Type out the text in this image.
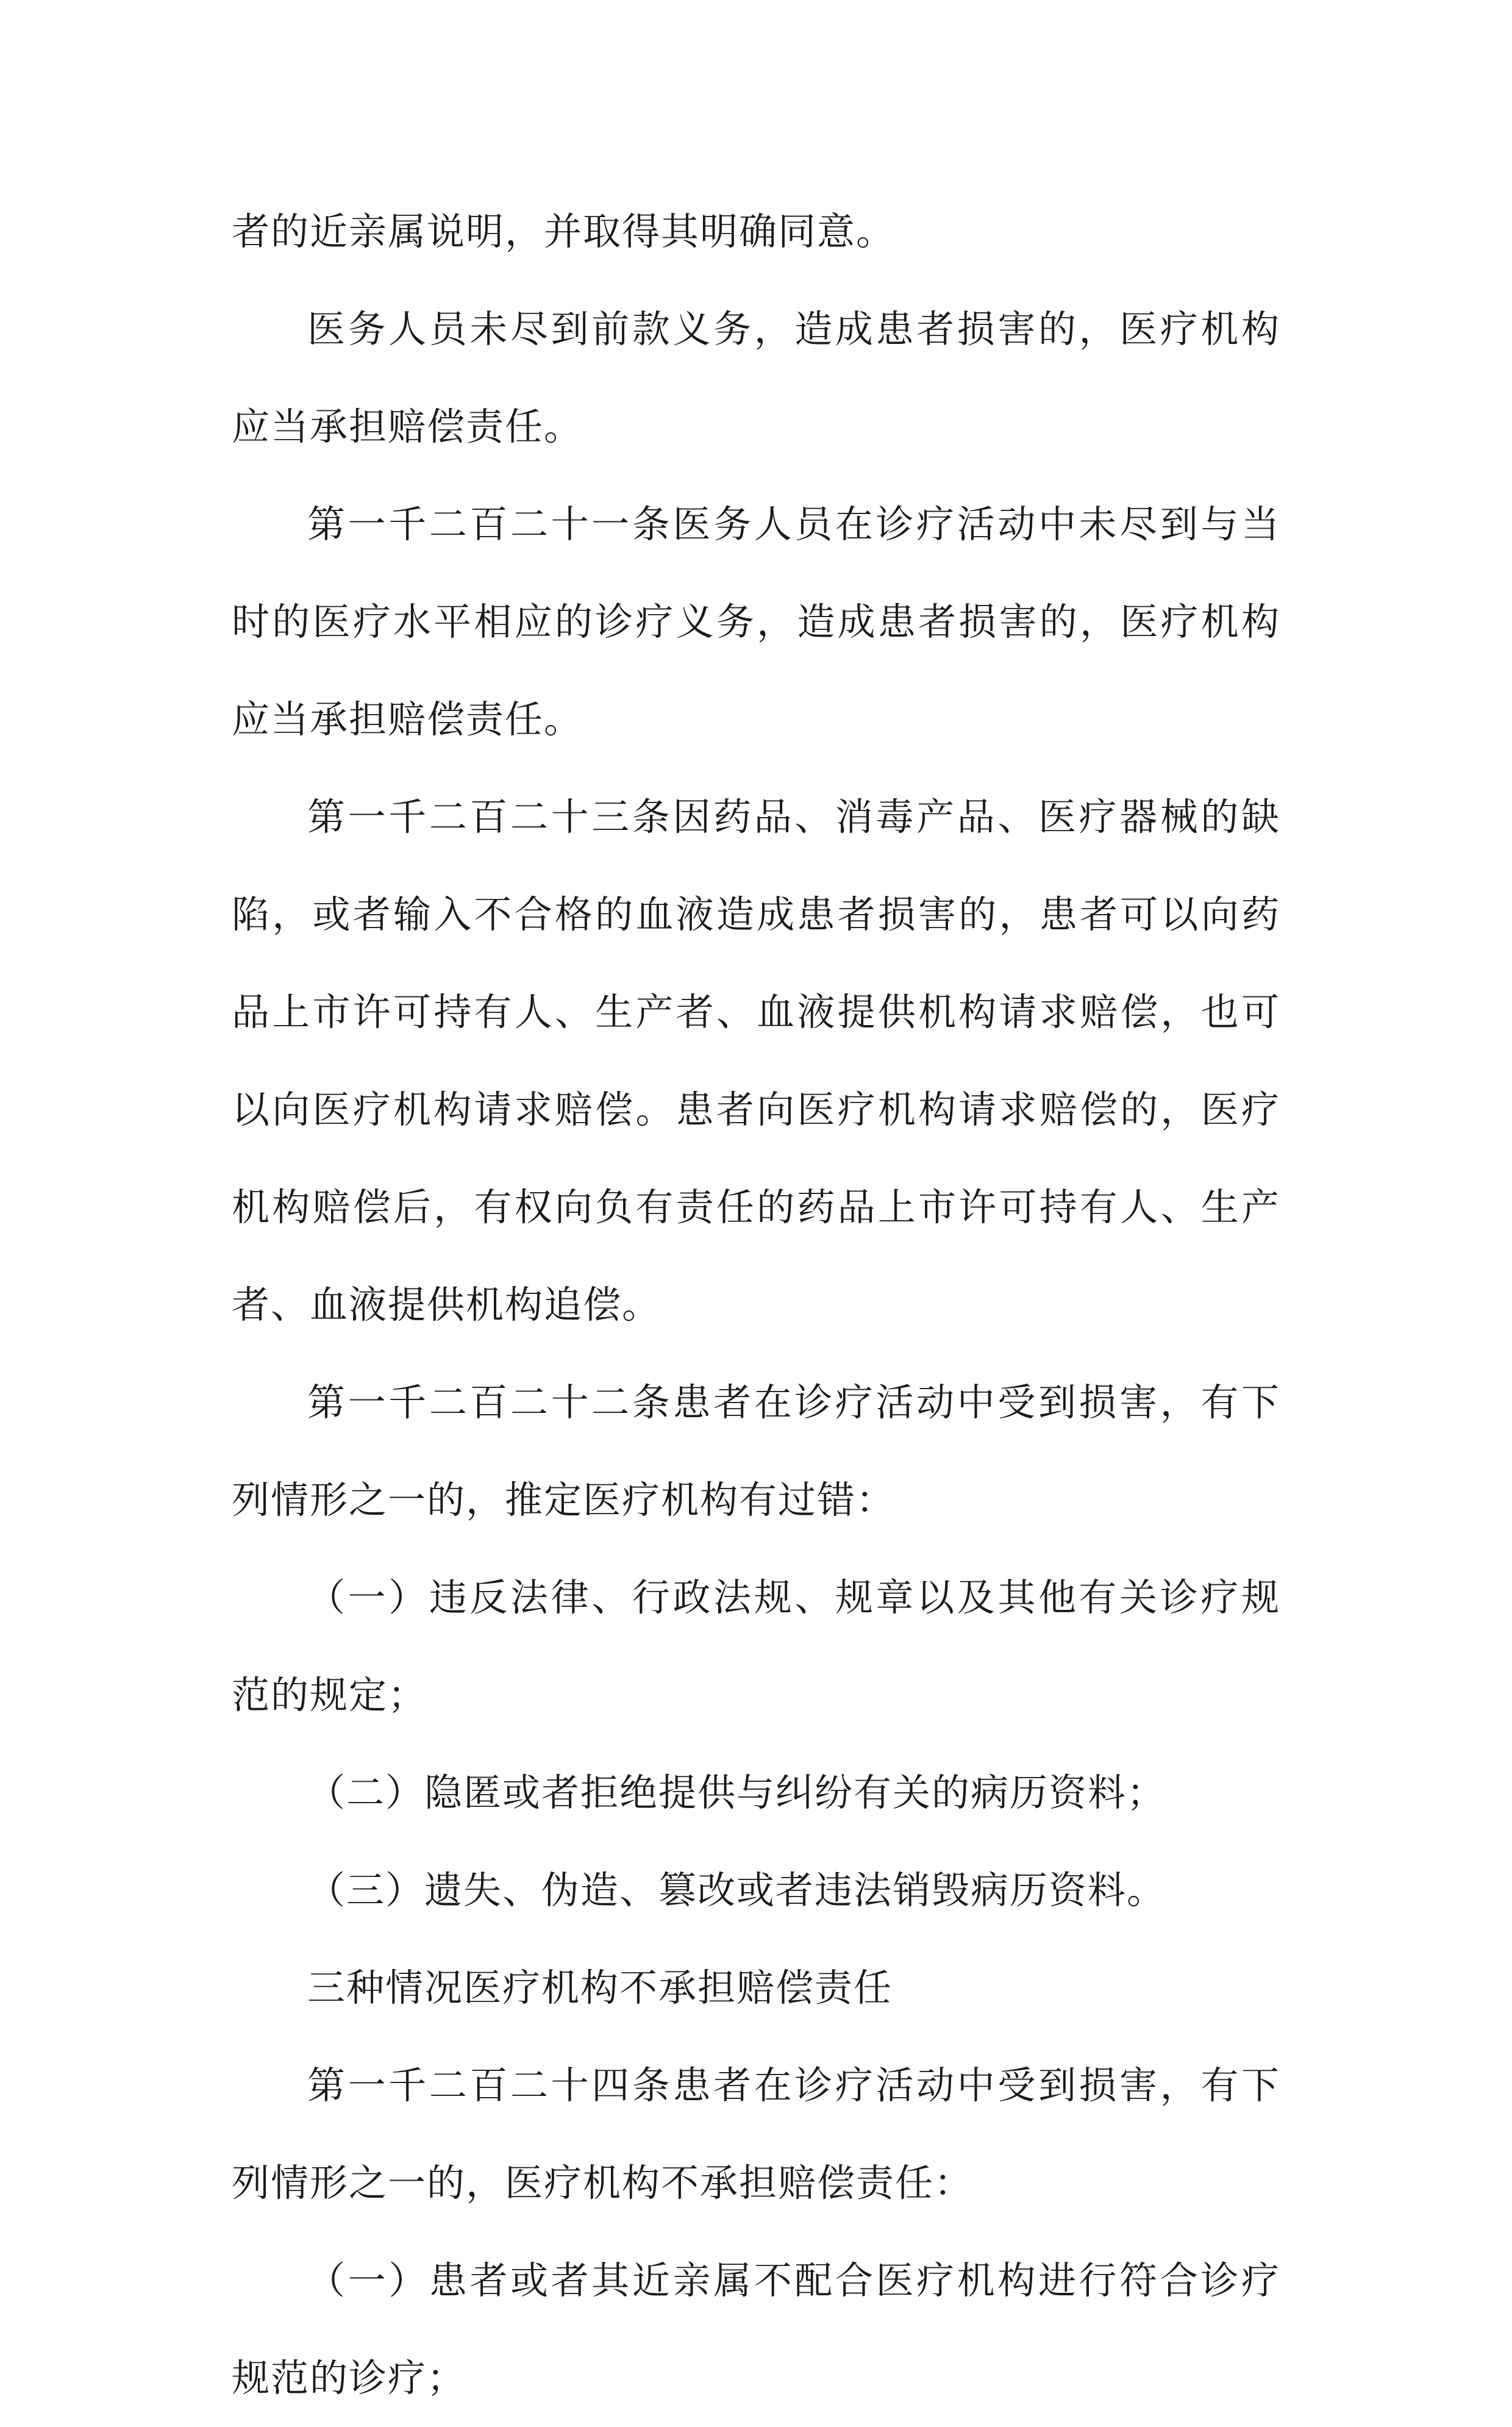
者的近亲属说明，并取得其明确同意。

医务人员未尽到前款义务，造成患者损害的，医疗机构应当承担赔偿责任。

第一千二百二十一条医务人员在诊疗活动中未尽到与当时的医疗水平相应的诊疗义务，造成患者损害的，医疗机构应当承担赔偿责任。

第一千二百二十三条因药品、消毒产品、医疗器械的缺陷，或者输入不合格的血液造成患者损害的，患者可以向药品上市许可持有人、生产者、血液提供机构请求赔偿，也可以向医疗机构请求赔偿。患者向医疗机构请求赔偿的，医疗机构赔偿后，有权向负有责任的药品上市许可持有人、生产者、血液提供机构追偿。

第一千二百二十二条患者在诊疗活动中受到损害，有下列情形之一的，推定医疗机构有过错：

（一）违反法律、行政法规、规章以及其他有关诊疗规范的规定；

（二）隐匿或者拒绝提供与纠纷有关的病历资料；

（三）遗失、伪造、篡改或者违法销毁病历资料。

三种情况医疗机构不承担赔偿责任

第一千二百二十四条患者在诊疗活动中受到损害，有下列情形之一的，医疗机构不承担赔偿责任：

（一）患者或者其近亲属不配合医疗机构进行符合诊疗规范的诊疗；
